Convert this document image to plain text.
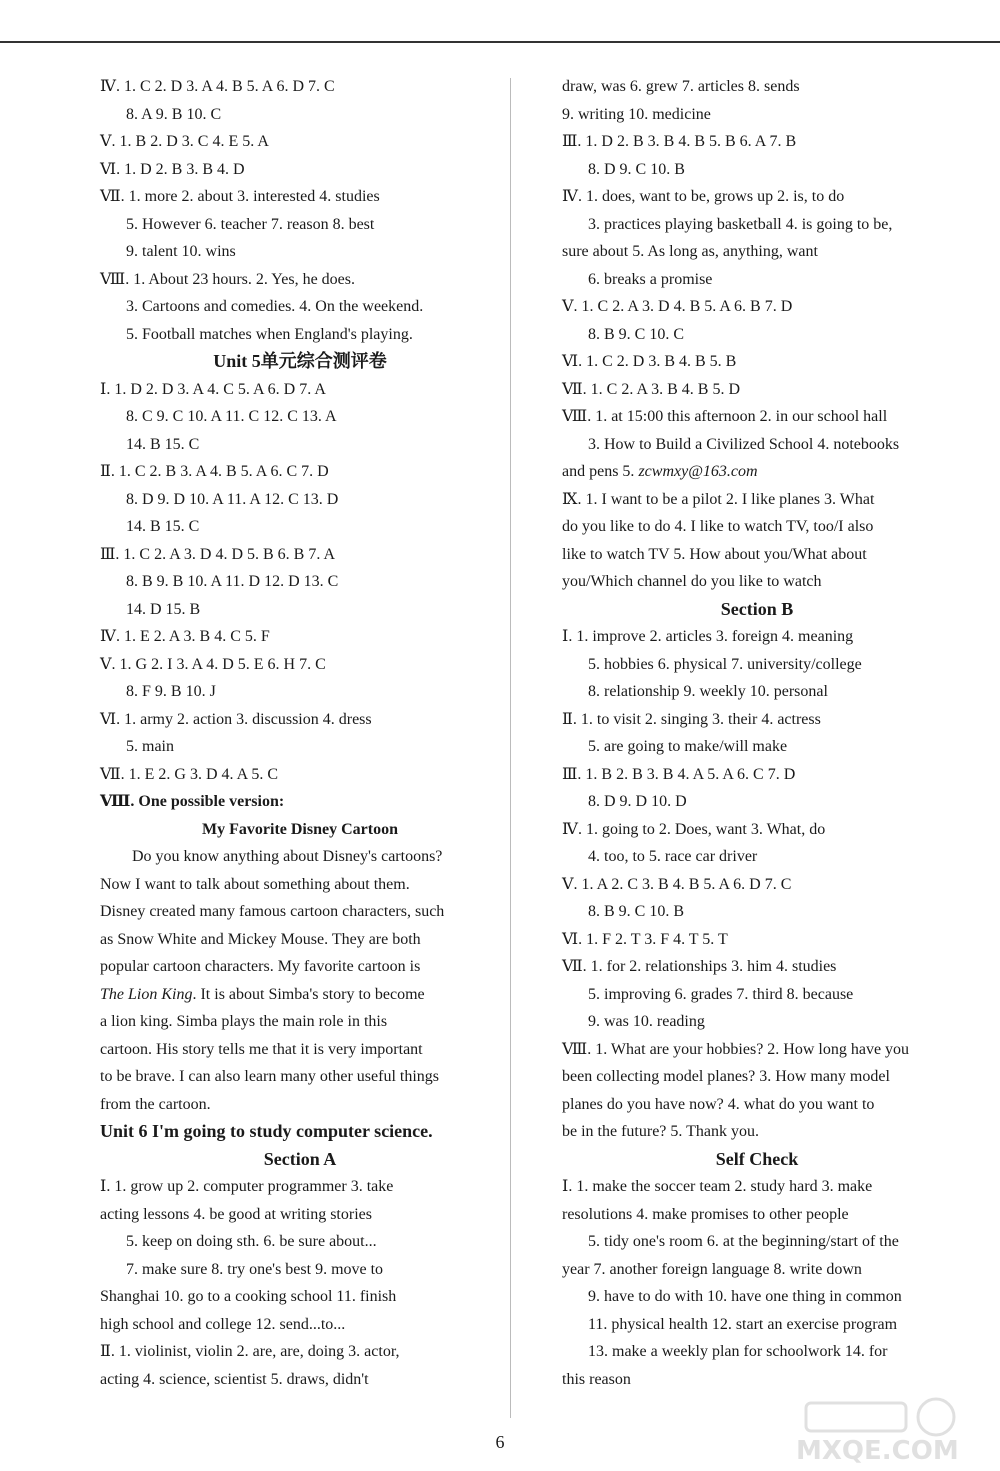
Ⅳ. 1. C 2. D 3. A 4. B 5. A 6. D 7. C
8. A 9. B 10. C
Ⅴ. 1. B 2. D 3. C 4. E 5. A
Ⅵ. 1. D 2. B 3. B 4. D
Ⅶ. 1. more 2. about 3. interested 4. studies
5. However 6. teacher 7. reason 8. best
9. talent 10. wins
Ⅷ. 1. About 23 hours. 2. Yes, he does.
3. Cartoons and comedies. 4. On the weekend.
5. Football matches when England's playing.
Unit 5单元综合测评卷
Ⅰ. 1. D 2. D 3. A 4. C 5. A 6. D 7. A
8. C 9. C 10. A 11. C 12. C 13. A
14. B 15. C
Ⅱ. 1. C 2. B 3. A 4. B 5. A 6. C 7. D
8. D 9. D 10. A 11. A 12. C 13. D
14. B 15. C
Ⅲ. 1. C 2. A 3. D 4. D 5. B 6. B 7. A
8. B 9. B 10. A 11. D 12. D 13. C
14. D 15. B
Ⅳ. 1. E 2. A 3. B 4. C 5. F
Ⅴ. 1. G 2. I 3. A 4. D 5. E 6. H 7. C
8. F 9. B 10. J
Ⅵ. 1. army 2. action 3. discussion 4. dress
5. main
Ⅶ. 1. E 2. G 3. D 4. A 5. C
Ⅷ. One possible version:
My Favorite Disney Cartoon
Do you know anything about Disney's cartoons?
Now I want to talk about something about them.
Disney created many famous cartoon characters, such
as Snow White and Mickey Mouse. They are both
popular cartoon characters. My favorite cartoon is
The Lion King. It is about Simba's story to become
a lion king. Simba plays the main role in this
cartoon. His story tells me that it is very important
to be brave. I can also learn many other useful things
from the cartoon.
Unit 6 I'm going to study computer science.
Section A
Ⅰ. 1. grow up 2. computer programmer 3. take
acting lessons 4. be good at writing stories
5. keep on doing sth. 6. be sure about...
7. make sure 8. try one's best 9. move to
Shanghai 10. go to a cooking school 11. finish
high school and college 12. send...to...
Ⅱ. 1. violinist, violin 2. are, are, doing 3. actor,
acting 4. science, scientist 5. draws, didn't
draw, was 6. grew 7. articles 8. sends
9. writing 10. medicine
Ⅲ. 1. D 2. B 3. B 4. B 5. B 6. A 7. B
8. D 9. C 10. B
Ⅳ. 1. does, want to be, grows up 2. is, to do
3. practices playing basketball 4. is going to be,
sure about 5. As long as, anything, want
6. breaks a promise
Ⅴ. 1. C 2. A 3. D 4. B 5. A 6. B 7. D
8. B 9. C 10. C
Ⅵ. 1. C 2. D 3. B 4. B 5. B
Ⅶ. 1. C 2. A 3. B 4. B 5. D
Ⅷ. 1. at 15:00 this afternoon 2. in our school hall
3. How to Build a Civilized School 4. notebooks
and pens 5. zcwmxy@163.com
Ⅸ. 1. I want to be a pilot 2. I like planes 3. What
do you like to do 4. I like to watch TV, too/I also
like to watch TV 5. How about you/What about
you/Which channel do you like to watch
Section B
Ⅰ. 1. improve 2. articles 3. foreign 4. meaning
5. hobbies 6. physical 7. university/college
8. relationship 9. weekly 10. personal
Ⅱ. 1. to visit 2. singing 3. their 4. actress
5. are going to make/will make
Ⅲ. 1. B 2. B 3. B 4. A 5. A 6. C 7. D
8. D 9. D 10. D
Ⅳ. 1. going to 2. Does, want 3. What, do
4. too, to 5. race car driver
Ⅴ. 1. A 2. C 3. B 4. B 5. A 6. D 7. C
8. B 9. C 10. B
Ⅵ. 1. F 2. T 3. F 4. T 5. T
Ⅶ. 1. for 2. relationships 3. him 4. studies
5. improving 6. grades 7. third 8. because
9. was 10. reading
Ⅷ. 1. What are your hobbies? 2. How long have you
been collecting model planes? 3. How many model
planes do you have now? 4. what do you want to
be in the future? 5. Thank you.
Self Check
Ⅰ. 1. make the soccer team 2. study hard 3. make
resolutions 4. make promises to other people
5. tidy one's room 6. at the beginning/start of the
year 7. another foreign language 8. write down
9. have to do with 10. have one thing in common
11. physical health 12. start an exercise program
13. make a weekly plan for schoolwork 14. for
this reason
6	MXQE.COM
